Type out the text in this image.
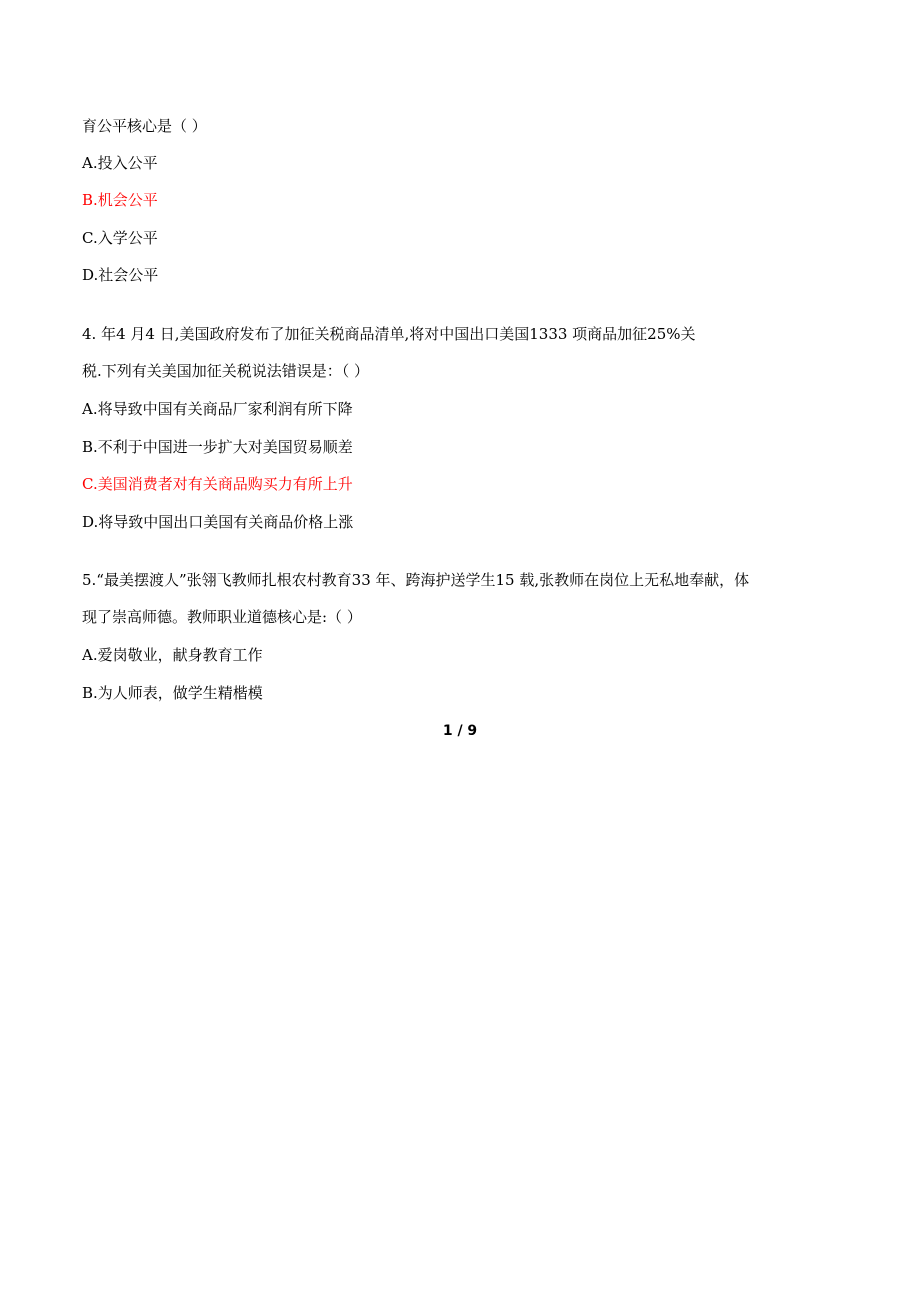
育公平核心是（ ）

A.投入公平

B.机会公平

C.入学公平

D.社会公平

4. 年4 月4 日,美国政府发布了加征关税商品清单,将对中国出口美国1333 项商品加征25%关

税.下列有关美国加征关税说法错误是：（ ）

A.将导致中国有关商品厂家利润有所下降

B.不利于中国进一步扩大对美国贸易顺差

C.美国消费者对有关商品购买力有所上升

D.将导致中国出口美国有关商品价格上涨

5.“最美摆渡人”张翎飞教师扎根农村教育33 年、跨海护送学生15 载,张教师在岗位上无私地奉献，体

现了崇高师德。教师职业道德核心是:（ ）

A.爱岗敬业，献身教育工作

B.为人师表，做学生精楷模

1 / 9
